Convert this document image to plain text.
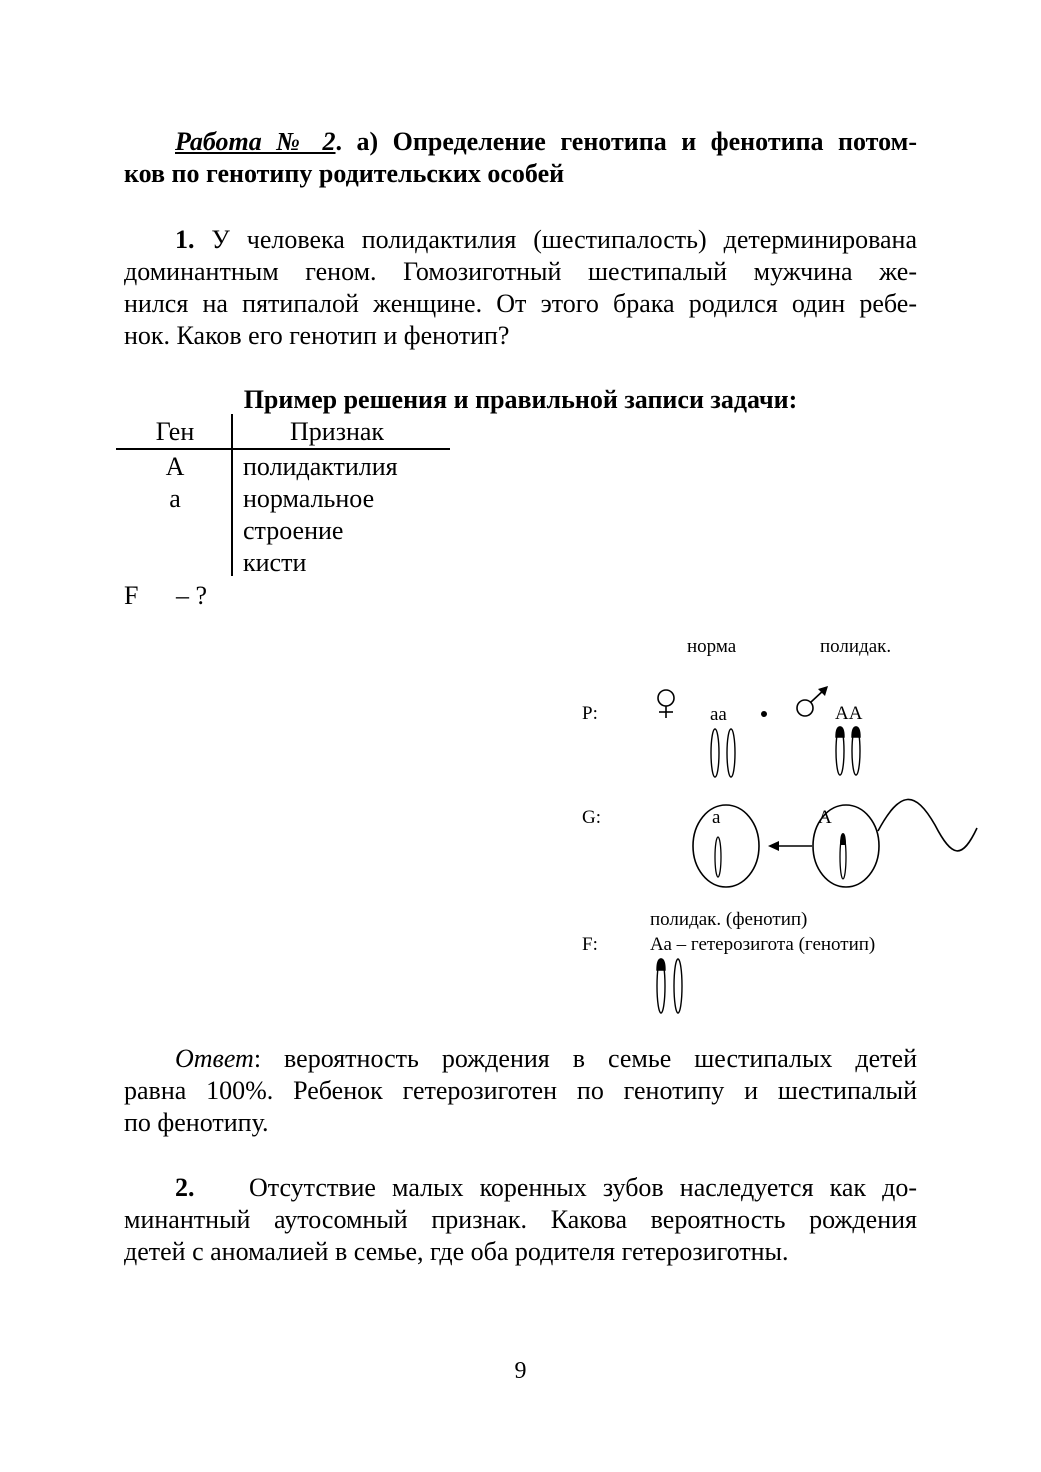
Работа № 2. а) Определение генотипа и фенотипа потом-
ков по генотипу родительских особей
1. У человека полидактилия (шестипалость) детерминирована
доминантным геном. Гомозиготный шестипалый мужчина же-
нился на пятипалой женщине. От этого брака родился один ребе-
нок. Каков его генотип и фенотип?
Пример решения и правильной записи задачи:
Ген	Признак
А	полидактилия
а	нормальное
строение кисти
F – ?
норма	полидак.
P:	аа	АА
G:	а	А
полидак. (фенотип)
F:	Аа – гетерозигота (генотип)
Ответ: вероятность рождения в семье шестипалых детей
равна 100%. Ребенок гетерозиготен по генотипу и шестипалый
по фенотипу.
2. Отсутствие малых коренных зубов наследуется как до-
минантный аутосомный признак. Какова вероятность рождения
детей с аномалией в семье, где оба родителя гетерозиготны.
9
